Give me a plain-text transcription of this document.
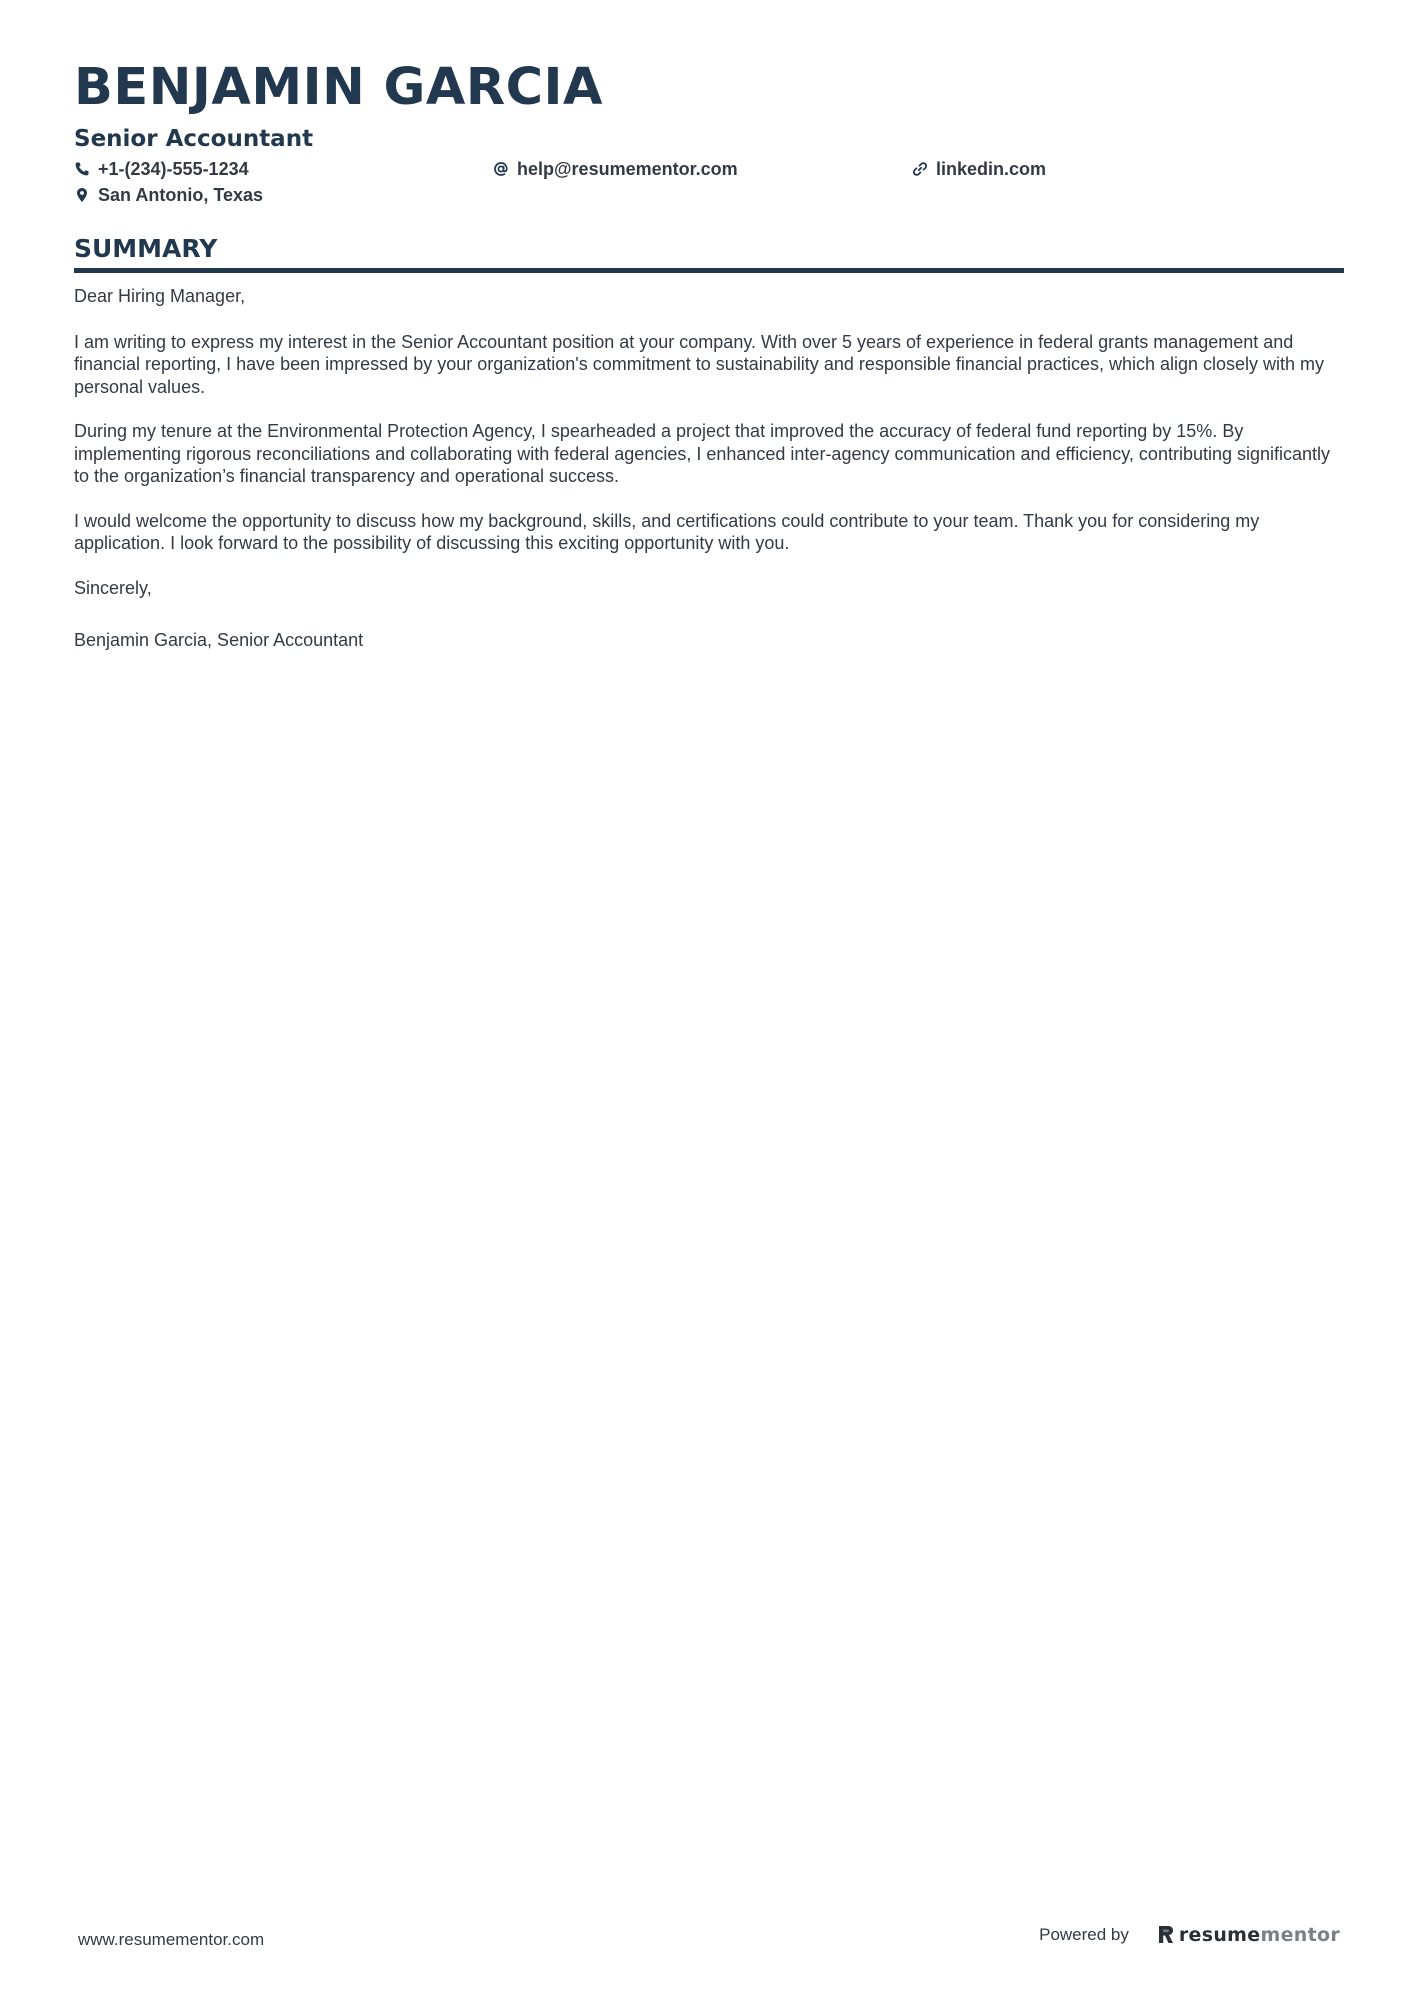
BENJAMIN GARCIA
Senior Accountant
+1-(234)-555-1234	help@resumementor.com	linkedin.com
San Antonio, Texas
SUMMARY

Dear Hiring Manager,

I am writing to express my interest in the Senior Accountant position at your company. With over 5 years of experience in federal grants management and financial reporting, I have been impressed by your organization's commitment to sustainability and responsible financial practices, which align closely with my personal values.

During my tenure at the Environmental Protection Agency, I spearheaded a project that improved the accuracy of federal fund reporting by 15%. By implementing rigorous reconciliations and collaborating with federal agencies, I enhanced inter-agency communication and efficiency, contributing significantly to the organization’s financial transparency and operational success.

I would welcome the opportunity to discuss how my background, skills, and certifications could contribute to your team. Thank you for considering my application. I look forward to the possibility of discussing this exciting opportunity with you.

Sincerely,

Benjamin Garcia, Senior Accountant

www.resumementor.com	Powered by	resume mentor
